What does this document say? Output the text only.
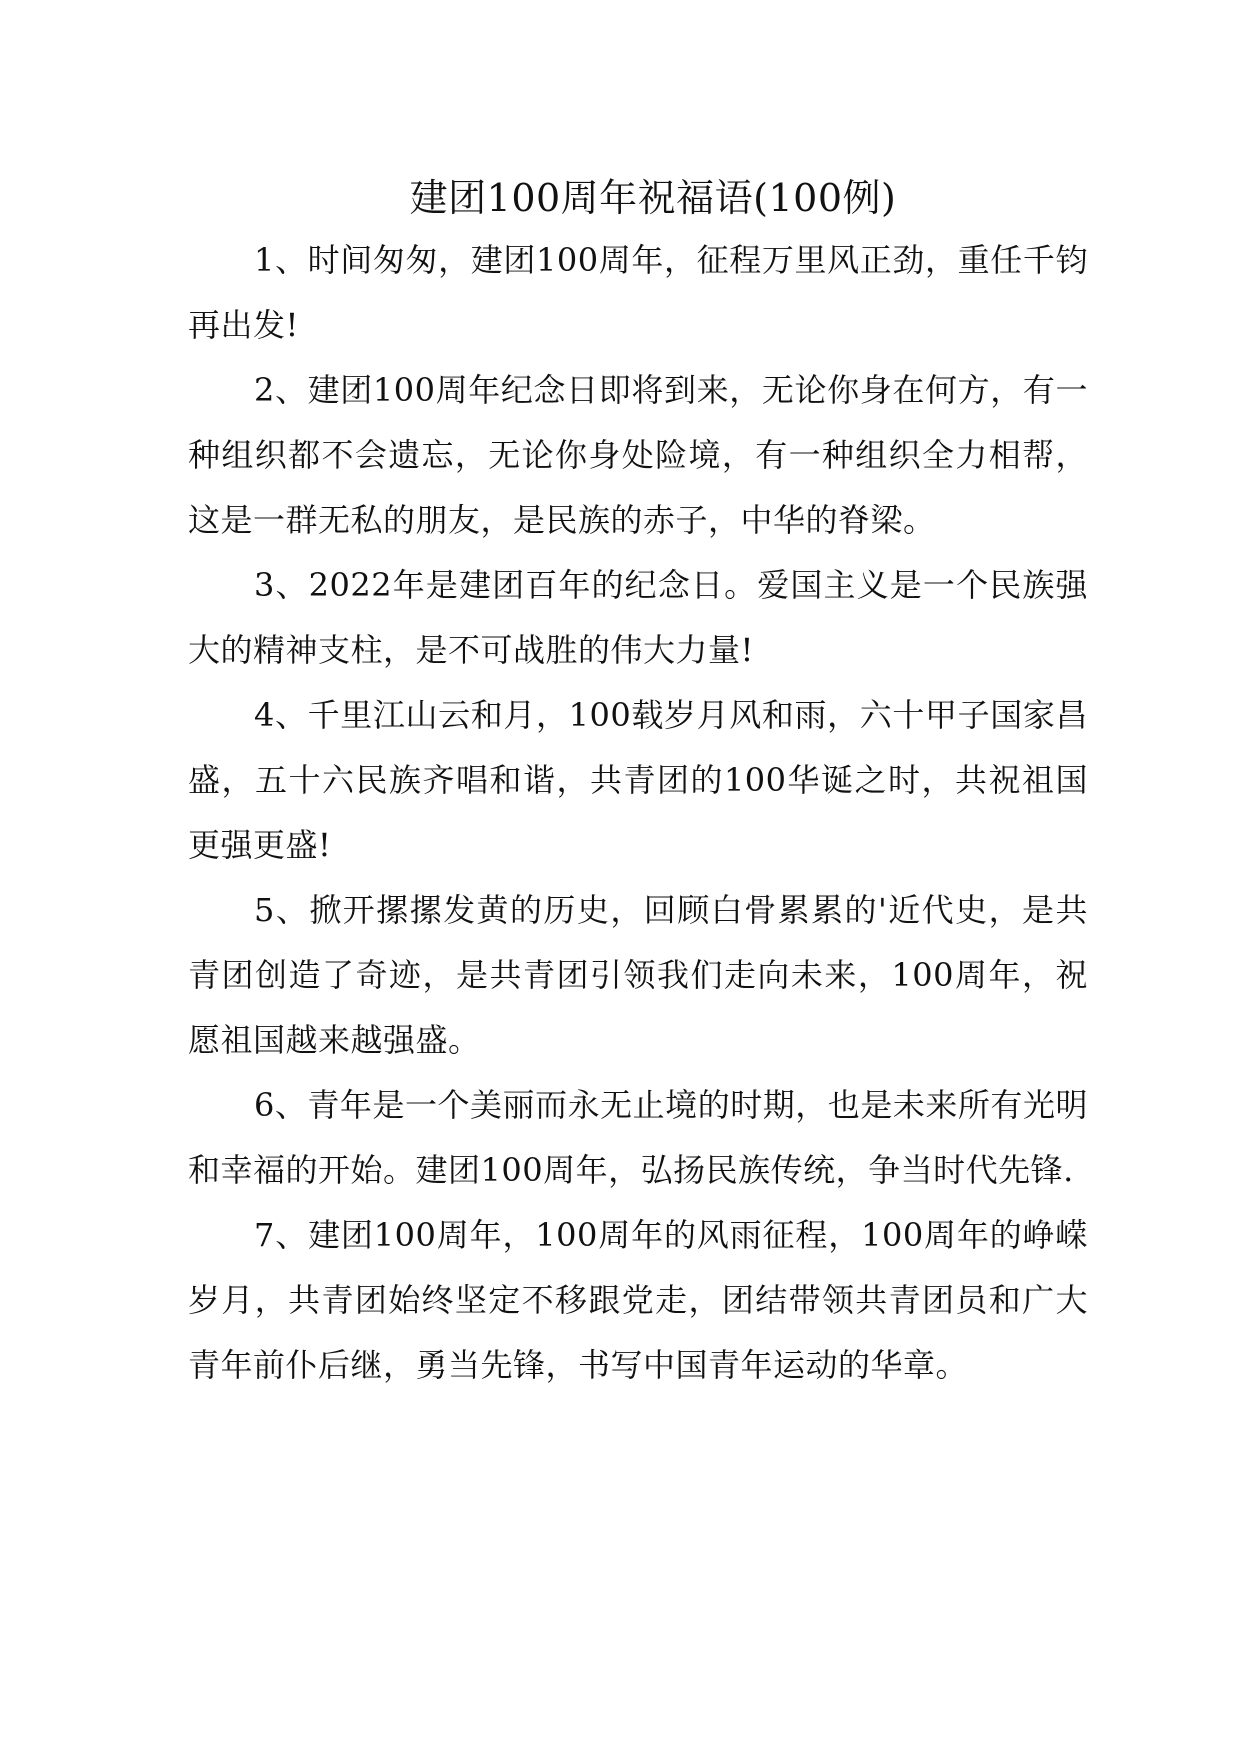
建团100周年祝福语(100例)

1、时间匆匆，建团100周年，征程万里风正劲，重任千钧再出发!

2、建团100周年纪念日即将到来，无论你身在何方，有一种组织都不会遗忘，无论你身处险境，有一种组织全力相帮，这是一群无私的朋友，是民族的赤子，中华的脊梁。

3、2022年是建团百年的纪念日。爱国主义是一个民族强大的精神支柱，是不可战胜的伟大力量!

4、千里江山云和月，100载岁月风和雨，六十甲子国家昌盛，五十六民族齐唱和谐，共青团的100华诞之时，共祝祖国更强更盛!

5、掀开摞摞发黄的历史，回顾白骨累累的'近代史，是共青团创造了奇迹，是共青团引领我们走向未来，100周年，祝愿祖国越来越强盛。

6、青年是一个美丽而永无止境的时期，也是未来所有光明和幸福的开始。建团100周年，弘扬民族传统，争当时代先锋.

7、建团100周年，100周年的风雨征程，100周年的峥嵘岁月，共青团始终坚定不移跟党走，团结带领共青团员和广大青年前仆后继，勇当先锋，书写中国青年运动的华章。
